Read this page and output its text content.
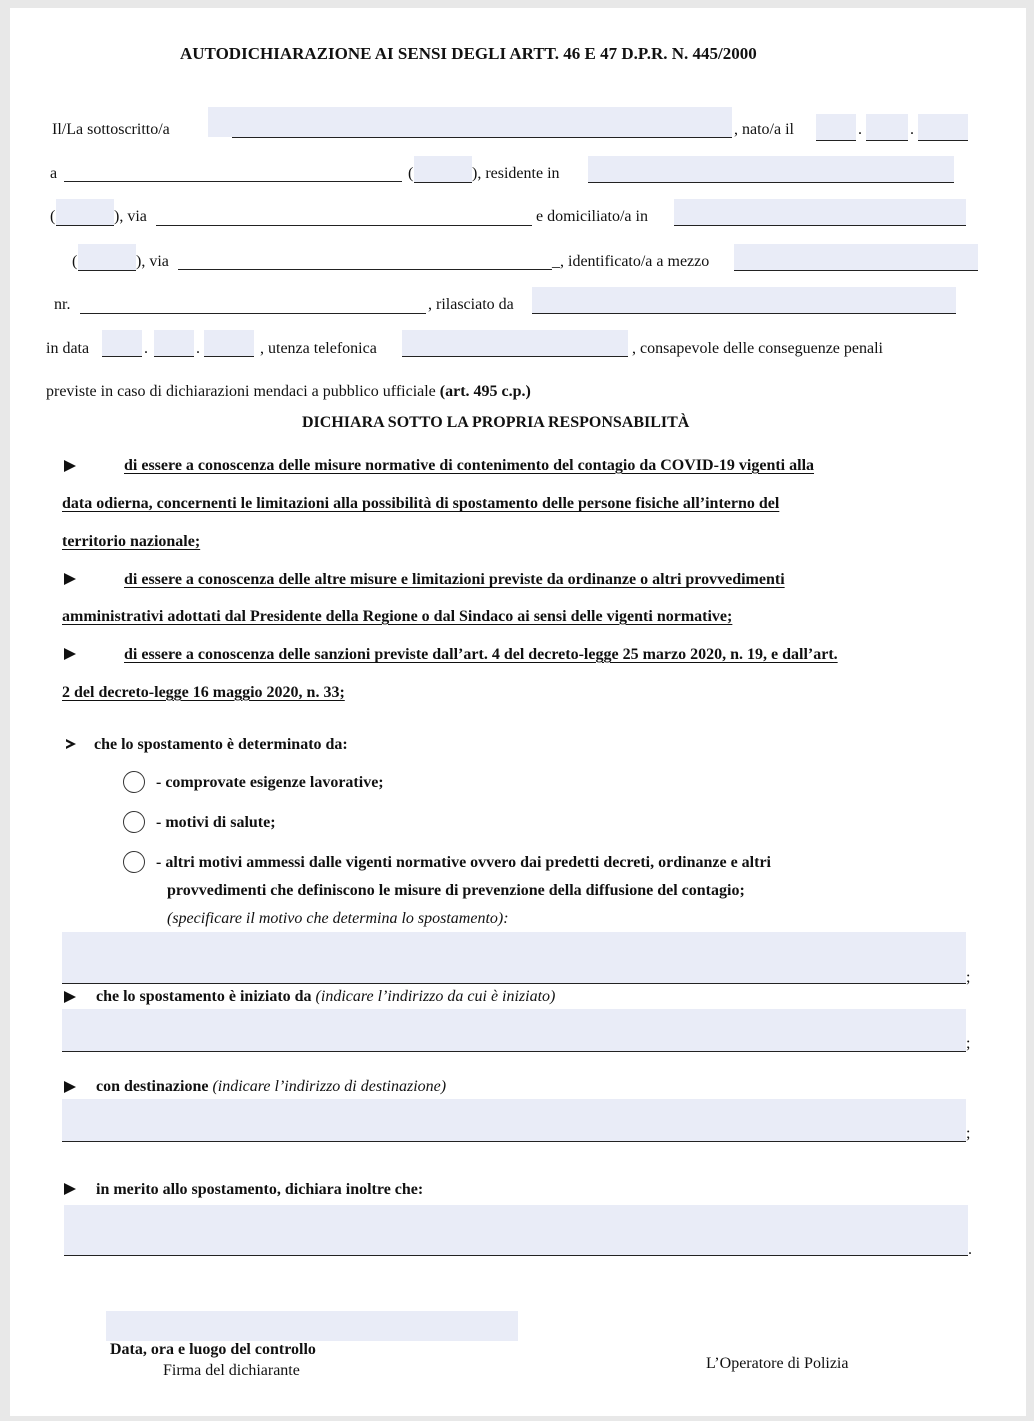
AUTODICHIARAZIONE AI SENSI DEGLI ARTT. 46 E 47 D.P.R. N. 445/2000
Il/La sottoscritto/a	, nato/a il	.	.
a	(	), residente in
(	), via	e domiciliato/a in
(	), via	_, identificato/a a mezzo
nr.	, rilasciato da
in data	.	.	, utenza telefonica	, consapevole delle conseguenze penali
previste in caso di dichiarazioni mendaci a pubblico ufficiale (art. 495 c.p.)
DICHIARA SOTTO LA PROPRIA RESPONSABILITÀ
di essere a conoscenza delle misure normative di contenimento del contagio da COVID-19 vigenti alla
data odierna, concernenti le limitazioni alla possibilità di spostamento delle persone fisiche all’interno del
territorio nazionale;
di essere a conoscenza delle altre misure e limitazioni previste da ordinanze o altri provvedimenti
amministrativi adottati dal Presidente della Regione o dal Sindaco ai sensi delle vigenti normative;
di essere a conoscenza delle sanzioni previste dall’art. 4 del decreto-legge 25 marzo 2020, n. 19, e dall’art.
2 del decreto-legge 16 maggio 2020, n. 33;
che lo spostamento è determinato da:
- comprovate esigenze lavorative;
- motivi di salute;
- altri motivi ammessi dalle vigenti normative ovvero dai predetti decreti, ordinanze e altri
provvedimenti che definiscono le misure di prevenzione della diffusione del contagio;
(specificare il motivo che determina lo spostamento):
;
che lo spostamento è iniziato da (indicare l’indirizzo da cui è iniziato)
;
con destinazione (indicare l’indirizzo di destinazione)
;
in merito allo spostamento, dichiara inoltre che:
.
Data, ora e luogo del controllo
Firma del dichiarante	L’Operatore di Polizia
